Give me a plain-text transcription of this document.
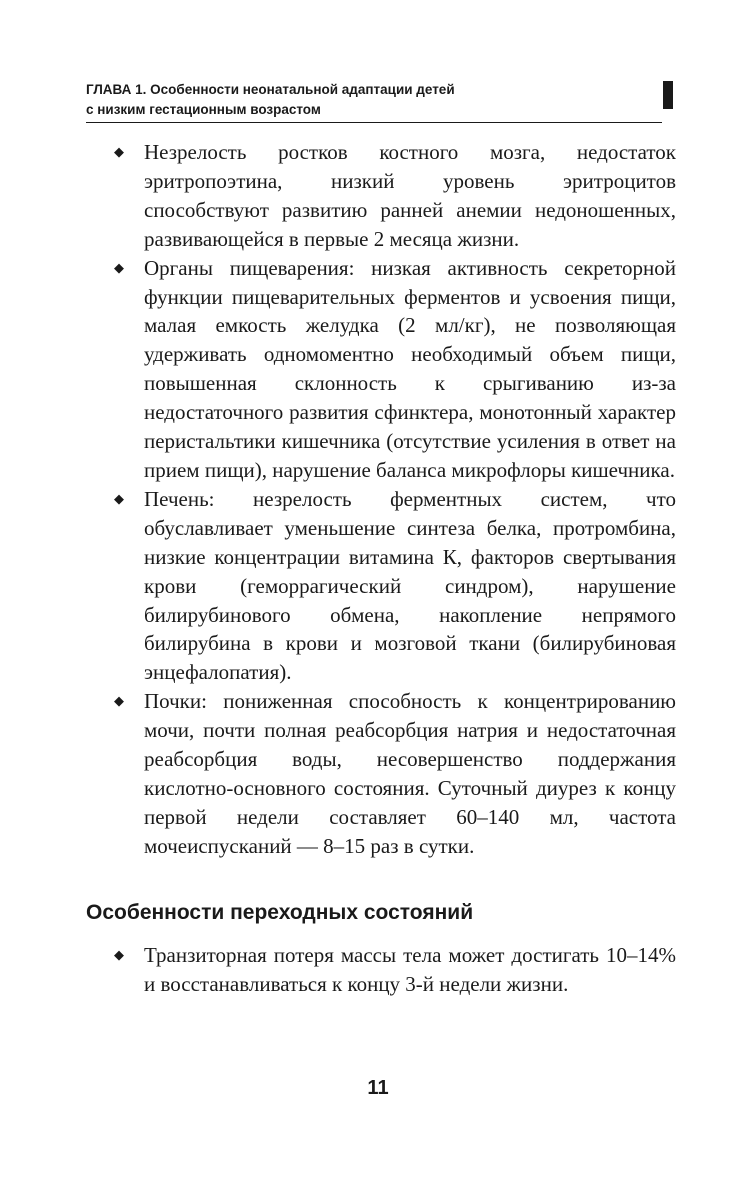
ГЛАВА 1. Особенности неонатальной адаптации детей

с низким гестационным возрастом
◆ Незрелость ростков костного мозга, недостаток эритропоэтина, низкий уровень эритроцитов способствуют развитию ранней анемии недоношенных, развивающейся в первые 2 месяца жизни.
◆ Органы пищеварения: низкая активность секреторной функции пищеварительных ферментов и усвоения пищи, малая емкость желудка (2 мл/кг), не позволяющая удерживать одномоментно необходимый объем пищи, повышенная склонность к срыгиванию из-за недостаточного развития сфинктера, монотонный характер перистальтики кишечника (отсутствие усиления в ответ на прием пищи), нарушение баланса микрофлоры кишечника.
◆ Печень: незрелость ферментных систем, что обуславливает уменьшение синтеза белка, протромбина, низкие концентрации витамина К, факторов свертывания крови (геморрагический синдром), нарушение билирубинового обмена, накопление непрямого билирубина в крови и мозговой ткани (билирубиновая энцефалопатия).
◆ Почки: пониженная способность к концентрированию мочи, почти полная реабсорбция натрия и недостаточная реабсорбция воды, несовершенство поддержания кислотно-основного состояния. Суточный диурез к концу первой недели составляет 60–140 мл, частота мочеиспусканий — 8–15 раз в сутки.
Особенности переходных состояний
◆ Транзиторная потеря массы тела может достигать 10–14% и восстанавливаться к концу 3-й недели жизни.
11
